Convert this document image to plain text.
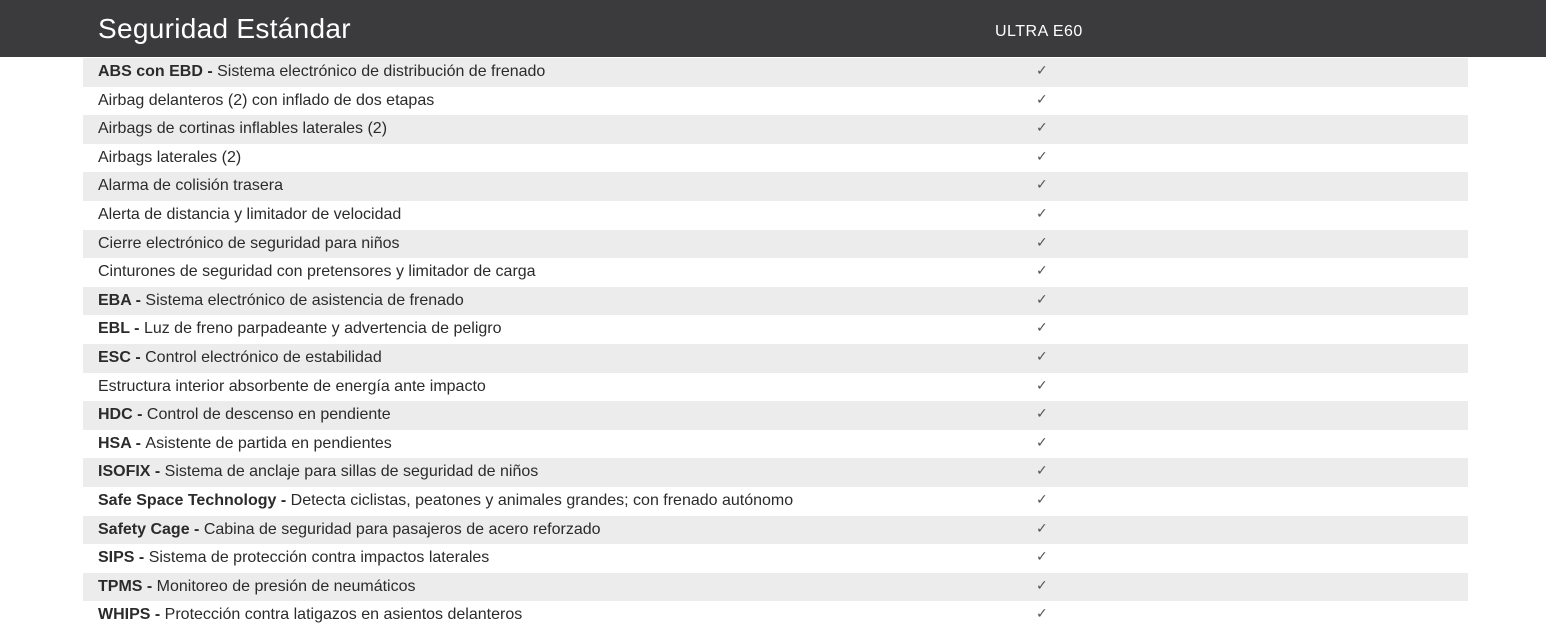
Seguridad Estándar	ULTRA E60
ABS con EBD - Sistema electrónico de distribución de frenado	✓
Airbag delanteros (2) con inflado de dos etapas	✓
Airbags de cortinas inflables laterales (2)	✓
Airbags laterales (2)	✓
Alarma de colisión trasera	✓
Alerta de distancia y limitador de velocidad	✓
Cierre electrónico de seguridad para niños	✓
Cinturones de seguridad con pretensores y limitador de carga	✓
EBA - Sistema electrónico de asistencia de frenado	✓
EBL - Luz de freno parpadeante y advertencia de peligro	✓
ESC - Control electrónico de estabilidad	✓
Estructura interior absorbente de energía ante impacto	✓
HDC - Control de descenso en pendiente	✓
HSA - Asistente de partida en pendientes	✓
ISOFIX - Sistema de anclaje para sillas de seguridad de niños	✓
Safe Space Technology - Detecta ciclistas, peatones y animales grandes; con frenado autónomo	✓
Safety Cage - Cabina de seguridad para pasajeros de acero reforzado	✓
SIPS - Sistema de protección contra impactos laterales	✓
TPMS - Monitoreo de presión de neumáticos	✓
WHIPS - Protección contra latigazos en asientos delanteros	✓
